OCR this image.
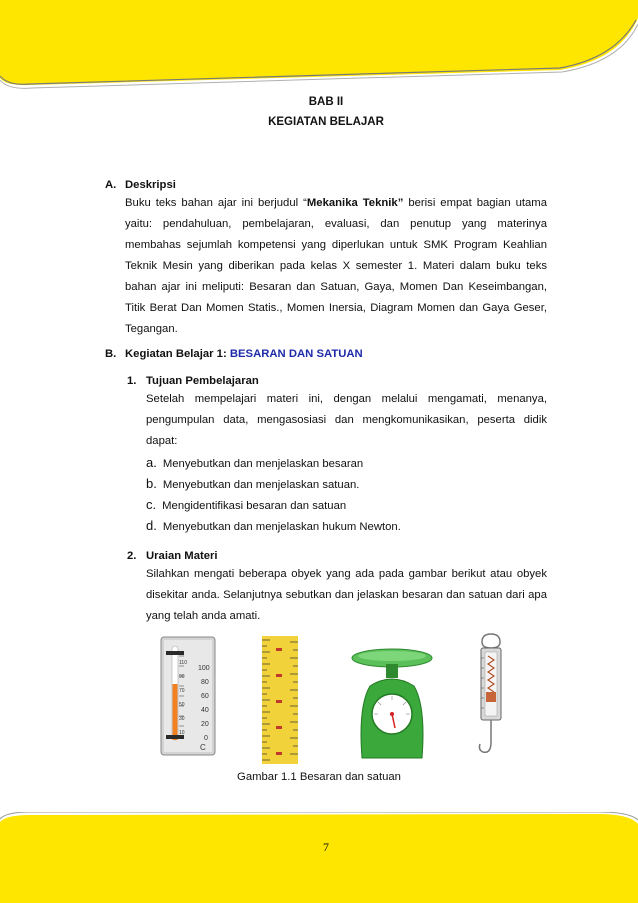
BAB II
KEGIATAN BELAJAR
A. Deskripsi
Buku teks bahan ajar ini berjudul “Mekanika Teknik” berisi empat bagian utama yaitu: pendahuluan, pembelajaran, evaluasi, dan penutup yang materinya membahas sejumlah kompetensi yang diperlukan untuk SMK Program Keahlian Teknik Mesin yang diberikan pada kelas X semester 1. Materi dalam buku teks bahan ajar ini meliputi: Besaran dan Satuan, Gaya, Momen Dan Keseimbangan, Titik Berat Dan Momen Statis., Momen Inersia, Diagram Momen dan Gaya Geser, Tegangan.
B. Kegiatan Belajar 1: BESARAN DAN SATUAN
1. Tujuan Pembelajaran
Setelah mempelajari materi ini, dengan melalui mengamati, menanya, pengumpulan data, mengasosiasi dan mengkomunikasikan, peserta didik dapat:
a. Menyebutkan dan menjelaskan besaran
b. Menyebutkan dan menjelaskan satuan.
c. Mengidentifikasi besaran dan satuan
d. Menyebutkan dan menjelaskan hukum Newton.
2. Uraian Materi
Silahkan mengati beberapa obyek yang ada pada gambar berikut atau obyek disekitar anda. Selanjutnya sebutkan dan jelaskan besaran dan satuan dari apa yang telah anda amati.
110
90
70
50
30
10
100
80
60
40
20
0
C
Gambar 1.1 Besaran dan satuan
7
